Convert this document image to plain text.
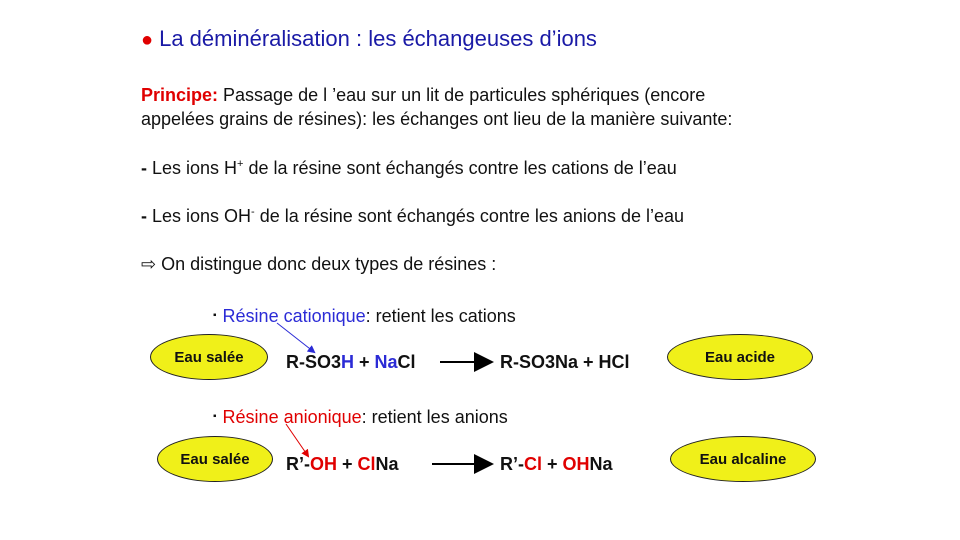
● La déminéralisation : les échangeuses d’ions
Principe: Passage de l ’eau sur un lit de particules sphériques (encore
appelées grains de résines): les échanges ont lieu de la manière suivante:
- Les ions H+ de la résine sont échangés contre les cations de l’eau
- Les ions OH- de la résine sont échangés contre les anions de l’eau
⇨ On distingue donc deux types de résines :
▪ Résine cationique: retient les cations
Eau salée	R-SO3H + NaCl	R-SO3Na + HCl	Eau acide
▪ Résine anionique: retient les anions
Eau salée	R’-OH + ClNa	R’-Cl + OHNa	Eau alcaline
